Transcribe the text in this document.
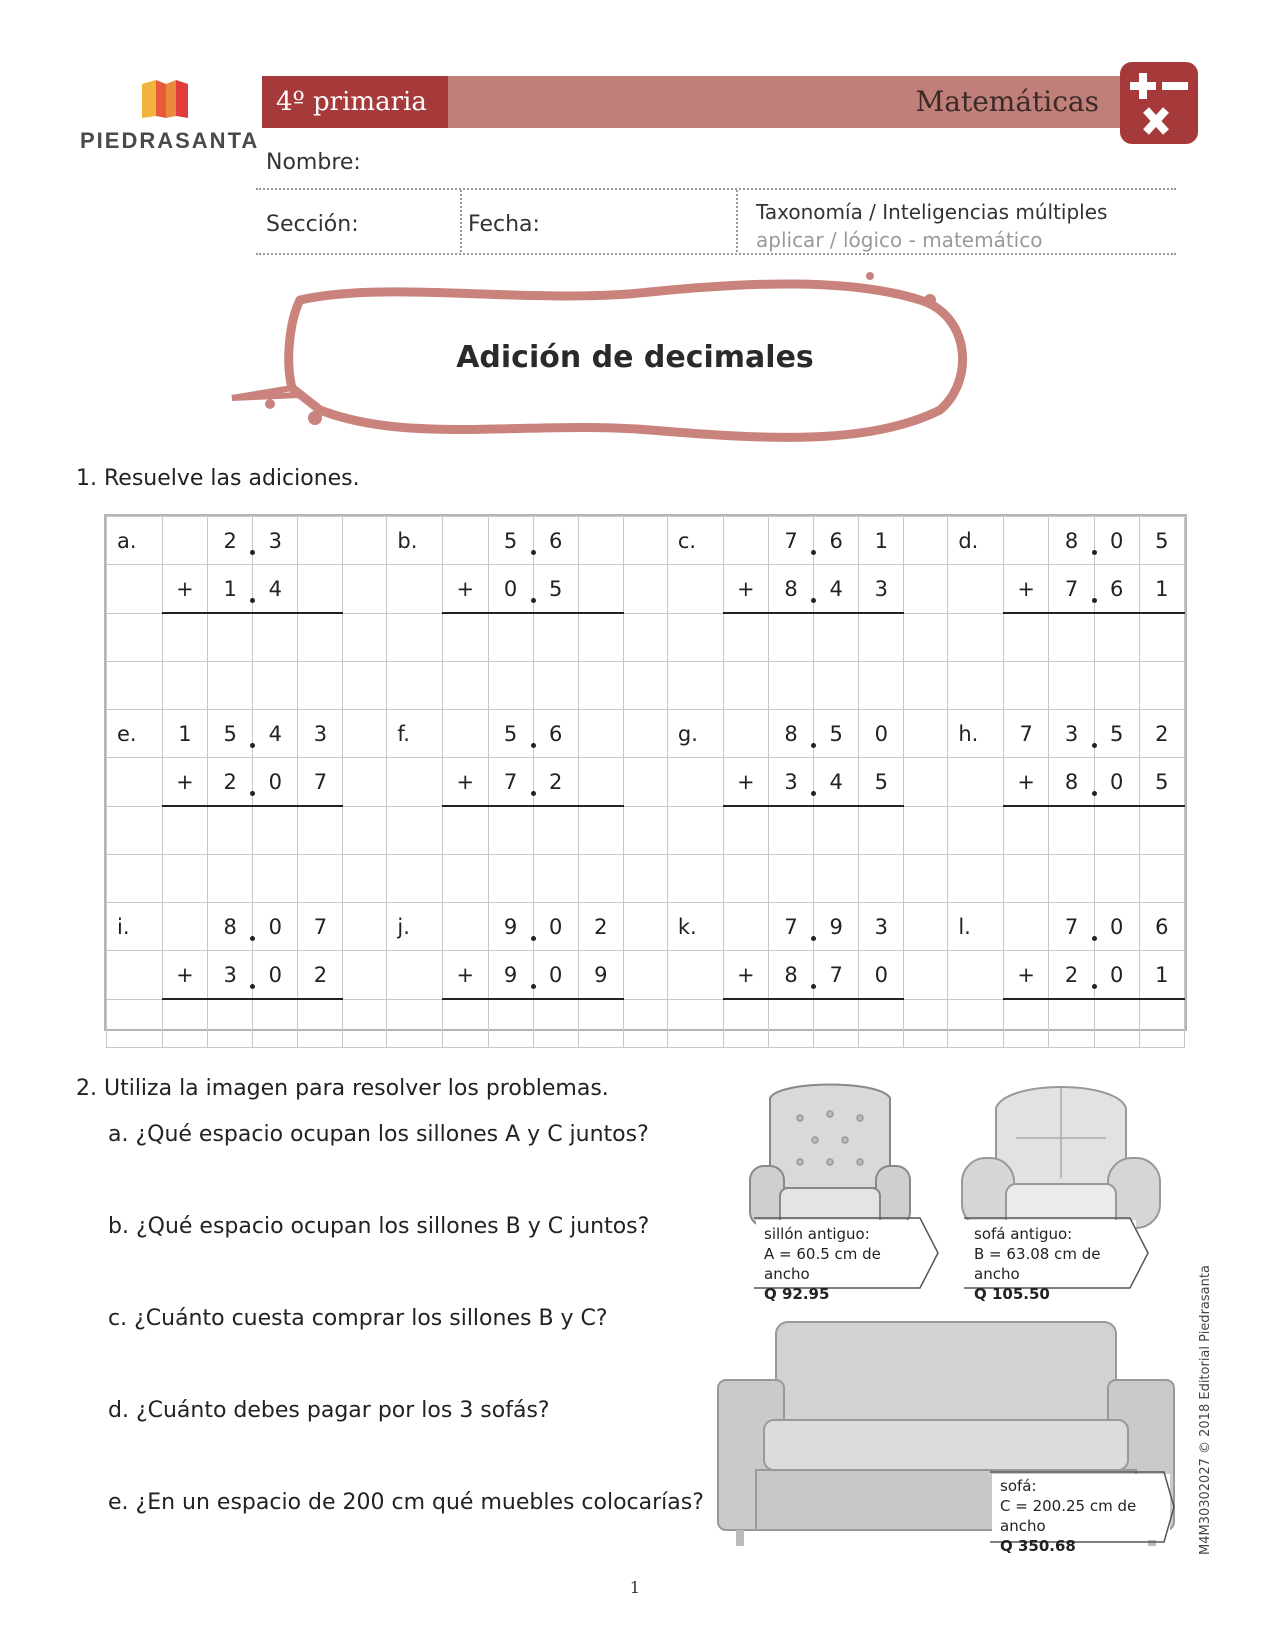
PIEDRASANTA
4º primaria	Matemáticas
Nombre:
Sección:	Fecha:	Taxonomía / Inteligencias múltiples
aplicar / lógico - matemático
Adición de decimales
1. Resuelve las adiciones.
a.		2	3			b.		5	6			c.		7	6	1		d.		8	0	5
	+	1	4				+	0	5				+	8	4	3			+	7	6	1

e.	1	5	4	3		f.		5	6			g.		8	5	0		h.	7	3	5	2
	+	2	0	7			+	7	2				+	3	4	5			+	8	0	5

i.		8	0	7		j.		9	0	2		k.		7	9	3		l.		7	0	6
	+	3	0	2			+	9	0	9			+	8	7	0			+	2	0	1

2. Utiliza la imagen para resolver los problemas.
a. ¿Qué espacio ocupan los sillones A y C juntos?
b. ¿Qué espacio ocupan los sillones B y C juntos?
c. ¿Cuánto cuesta comprar los sillones B y C?
d. ¿Cuánto debes pagar por los 3 sofás?
e. ¿En un espacio de 200 cm qué muebles colocarías?
sillón antiguo:
A = 60.5 cm de ancho
Q 92.95
sofá antiguo:
B = 63.08 cm de ancho
Q 105.50
sofá:
C = 200.25 cm de ancho
Q 350.68	M4M3030202​7 © 2018 Editorial Piedrasanta
1
